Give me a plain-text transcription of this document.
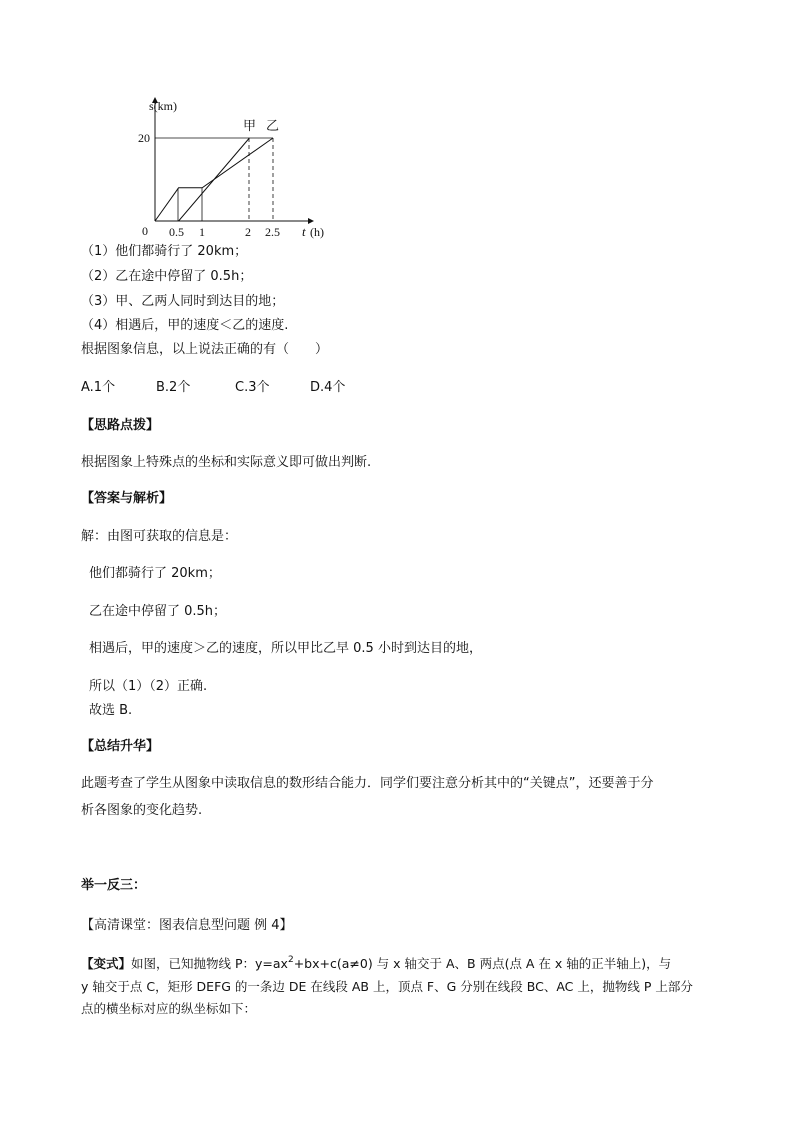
s(km)
t (h)
0
20
0.5 1	2 2.5
甲 乙
（1）他们都骑行了 20km；
（2）乙在途中停留了 0.5h；
（3）甲、乙两人同时到达目的地；
（4）相遇后，甲的速度＜乙的速度.
根据图象信息，以上说法正确的有（　　）
A.1个	B.2个	C.3个	D.4个
【思路点拨】
根据图象上特殊点的坐标和实际意义即可做出判断.
【答案与解析】
解：由图可获取的信息是：
他们都骑行了 20km；
乙在途中停留了 0.5h；
相遇后，甲的速度＞乙的速度，所以甲比乙早 0.5 小时到达目的地，
所以（1）（2）正确.
故选 B.
【总结升华】
此题考查了学生从图象中读取信息的数形结合能力．同学们要注意分析其中的“关键点”，还要善于分
析各图象的变化趋势.
举一反三：
【高清课堂：图表信息型问题 例 4】
【变式】如图，已知抛物线 P：$y=ax^2+bx+c(a\ne 0)$ 与 x 轴交于 A、B 两点(点 A 在 x 轴的正半轴上)，与
y 轴交于点 C，矩形 DEFG 的一条边 DE 在线段 AB 上，顶点 F、G 分别在线段 BC、AC 上，抛物线 P 上部分
点的横坐标对应的纵坐标如下：
